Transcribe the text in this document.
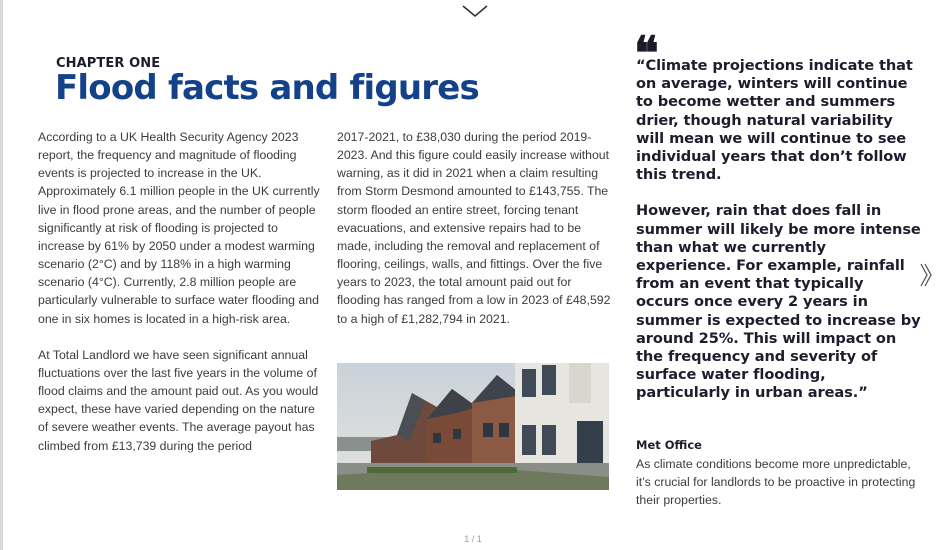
CHAPTER ONE
Flood facts and figures

According to a UK Health Security Agency 2023 report, the frequency and magnitude of flooding events is projected to increase in the UK. Approximately 6.1 million people in the UK currently live in flood prone areas, and the number of people significantly at risk of flooding is projected to increase by 61% by 2050 under a modest warming scenario (2°C) and by 118% in a high warming scenario (4°C). Currently, 2.8 million people are particularly vulnerable to surface water flooding and one in six homes is located in a high-risk area.

At Total Landlord we have seen significant annual fluctuations over the last five years in the volume of flood claims and the amount paid out. As you would expect, these have varied depending on the nature of severe weather events. The average payout has climbed from £13,739 during the period

2017-2021, to £38,030 during the period 2019-2023. And this figure could easily increase without warning, as it did in 2021 when a claim resulting from Storm Desmond amounted to £143,755. The storm flooded an entire street, forcing tenant evacuations, and extensive repairs had to be made, including the removal and replacement of flooring, ceilings, walls, and fittings. Over the five years to 2023, the total amount paid out for flooding has ranged from a low in 2023 of £48,592 to a high of £1,282,794 in 2021.

❝

“Climate projections indicate that on average, winters will continue to become wetter and summers drier, though natural variability will mean we will continue to see individual years that don’t follow this trend.

However, rain that does fall in summer will likely be more intense than what we currently experience. For example, rainfall from an event that typically occurs once every 2 years in summer is expected to increase by around 25%. This will impact on the frequency and severity of surface water flooding, particularly in urban areas.”

Met Office
As climate conditions become more unpredictable, it’s crucial for landlords to be proactive in protecting their properties.
1 / 1
